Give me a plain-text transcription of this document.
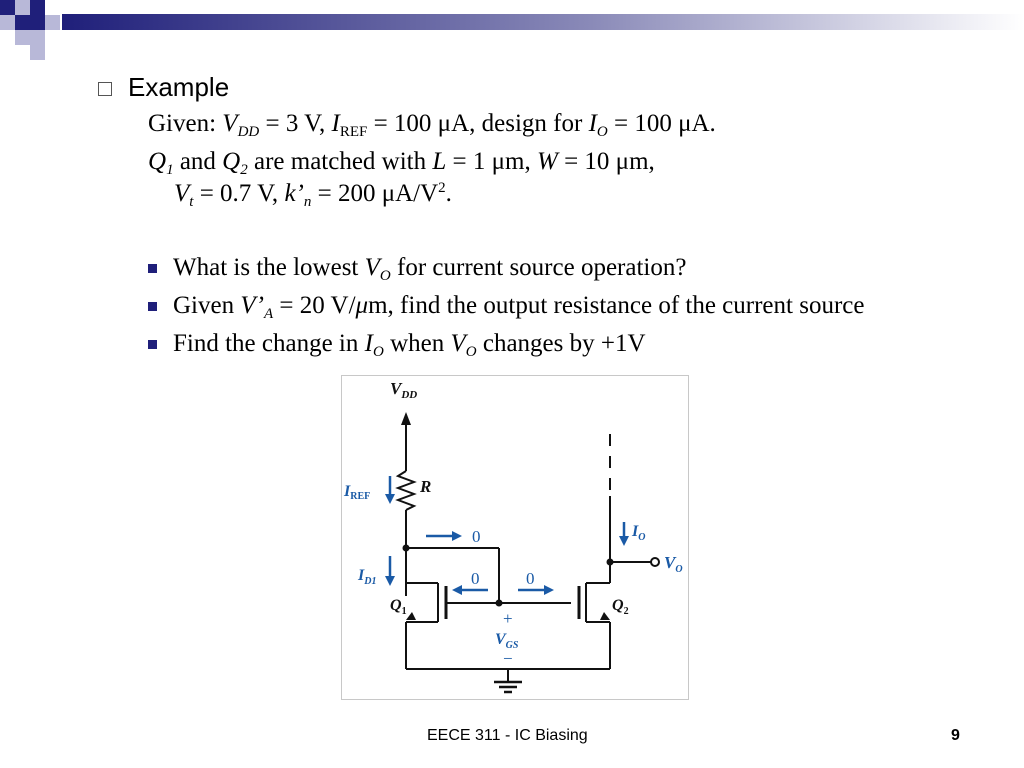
Example
Given: $V_{DD} = 3$ V, $I_{REF} = 100$ μA, design for $I_O = 100$ μA.
$Q_1$ and $Q_2$ are matched with L = 1 μm, W = 10 μm,
$V_t = 0.7$ V, $k’_n = 200$ $\mu A/V^2$.
What is the lowest $V_O$ for current source operation?
Given $V’_A = 20$ V/μm, find the output resistance of the current source
Find the change in $I_O$ when $V_O$ changes by +1V
$V_{DD}$
R
IREF
$I_{D1}$
$I_O$
$V_O$
$Q_1$	$Q_2$
0
0	0
+
$V_{GS}$
−
EECE 311 - IC Biasing	9
